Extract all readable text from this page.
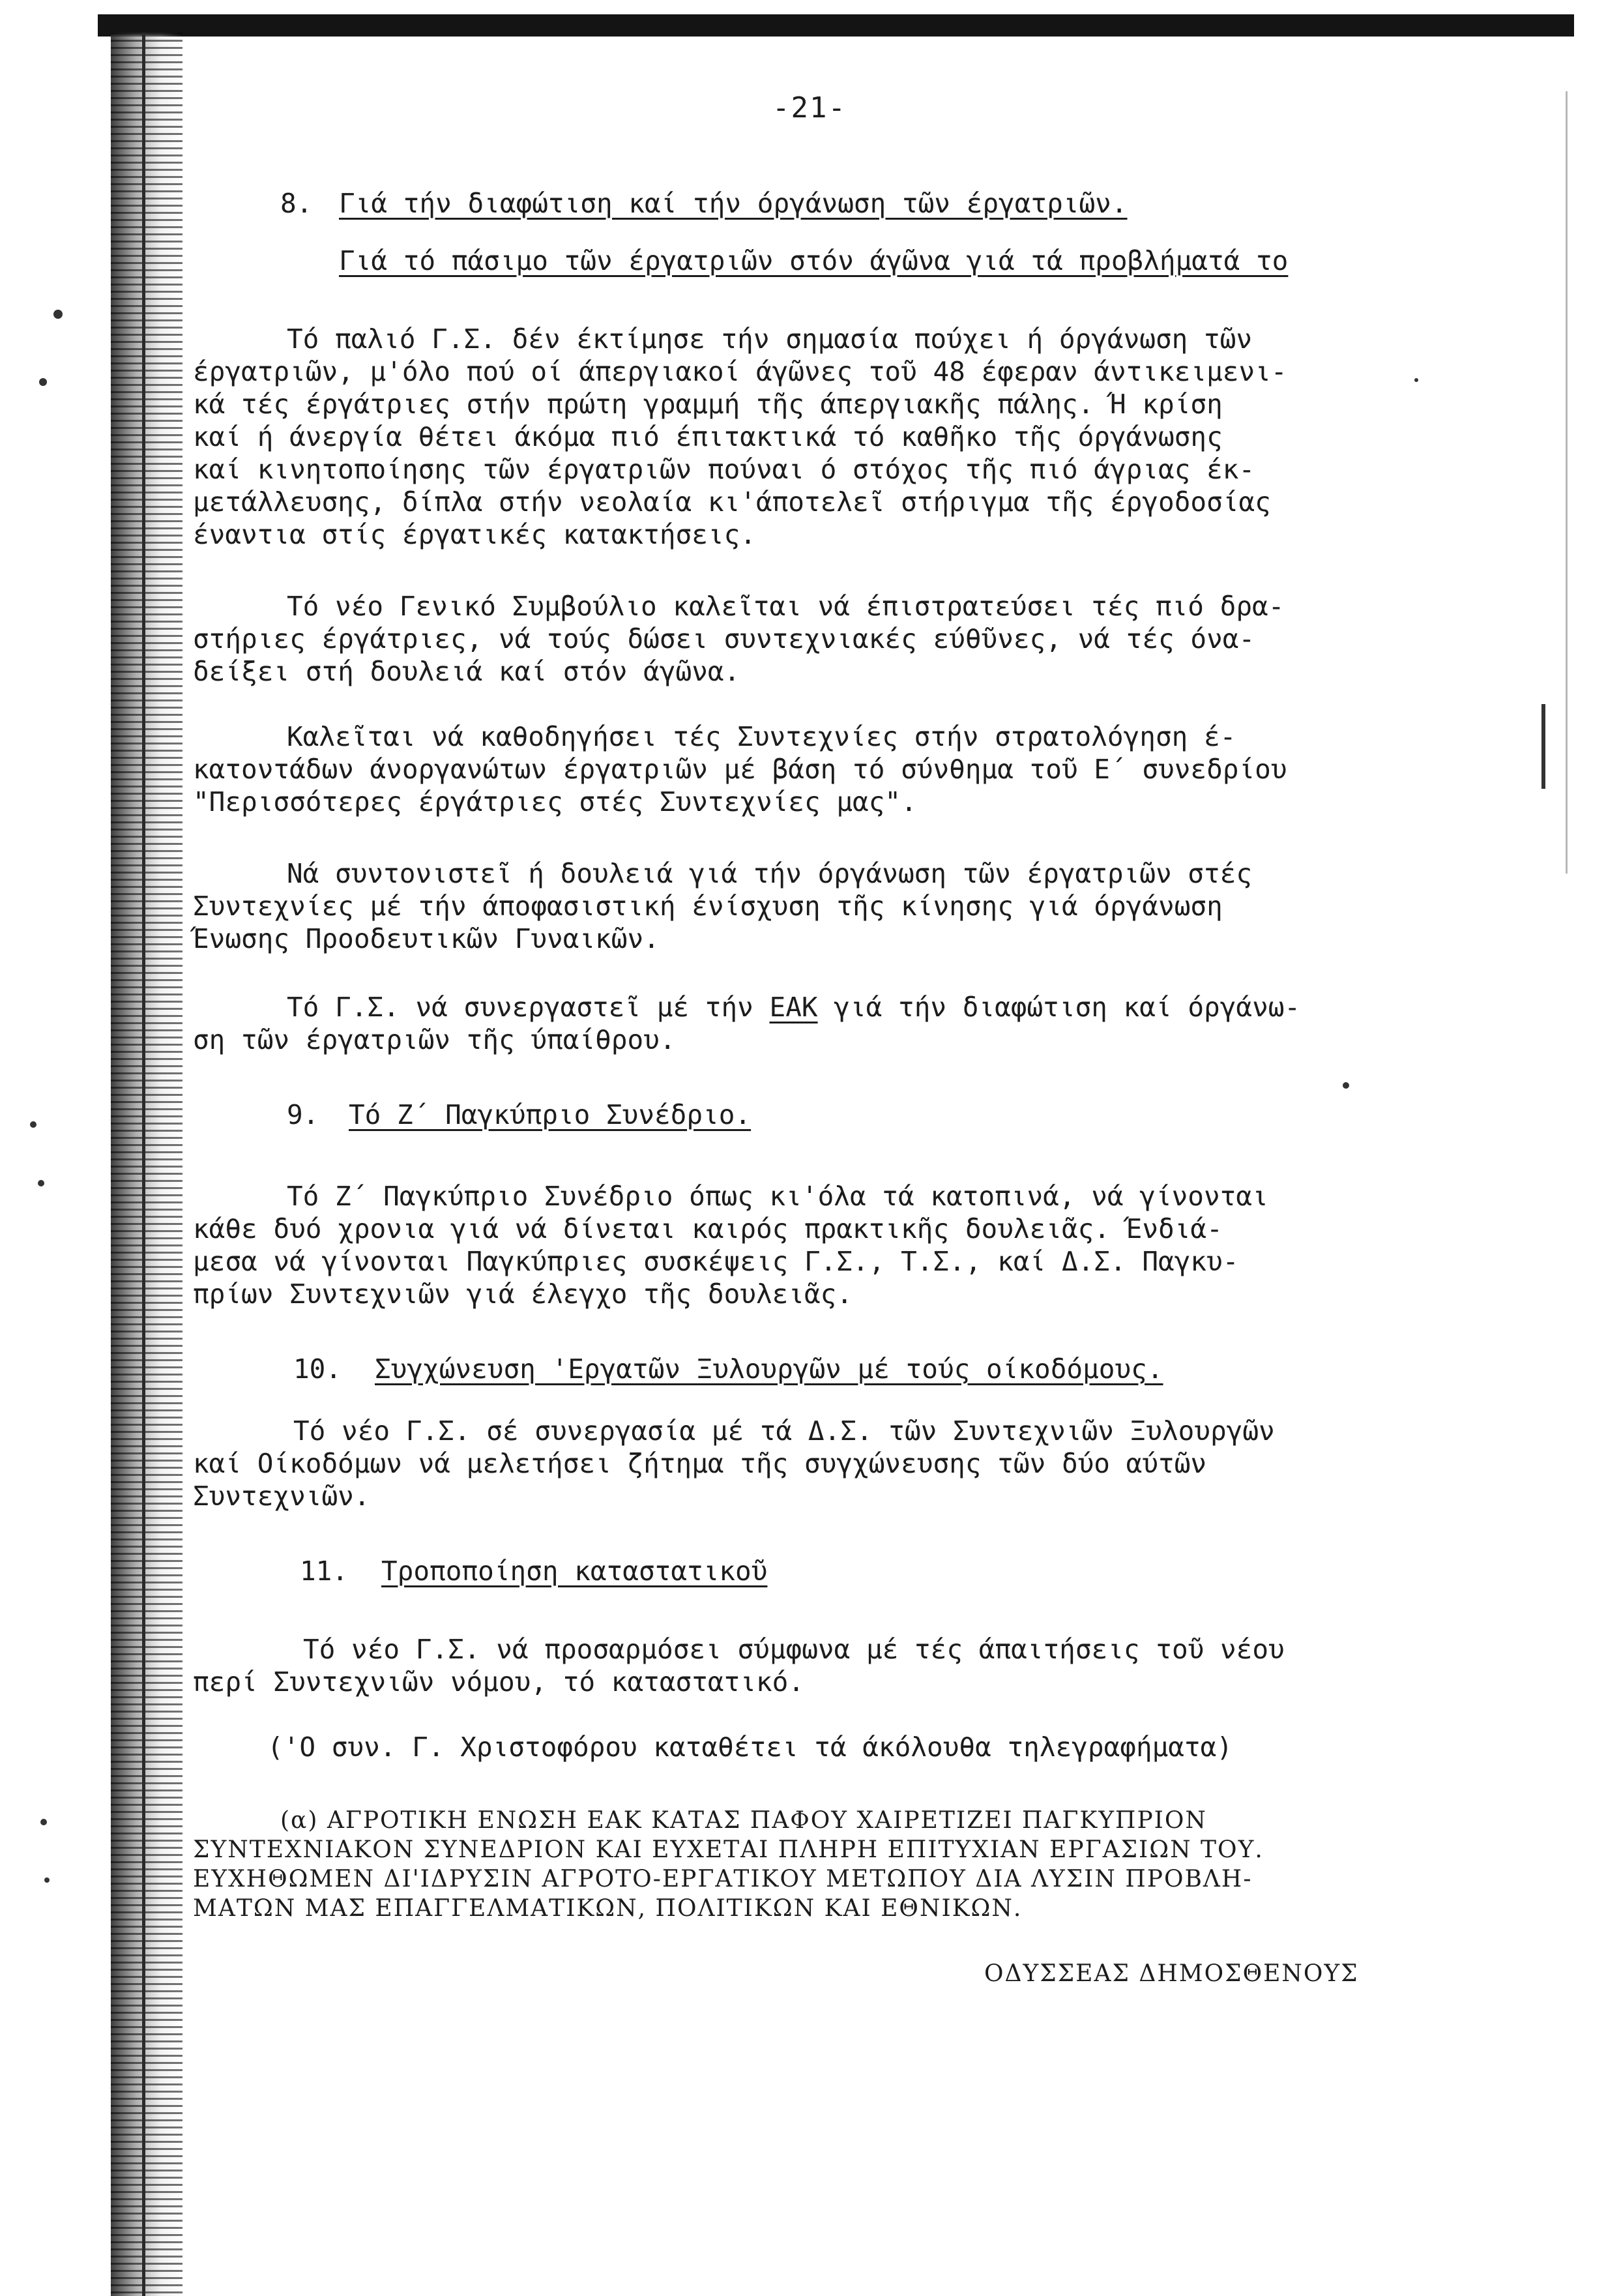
-21-
8. Γιά τήν διαφώτιση καί τήν όργάνωση τῶν έργατριῶν.
Γιά τό πάσιμο τῶν έργατριῶν στόν άγῶνα γιά τά προβλήματά το
Τό παλιό Γ.Σ. δέν έκτίμησε τήν σημασία πούχει ή όργάνωση τῶν
έργατριῶν, μ'όλο πού οί άπεργιακοί άγῶνες τοῦ 48 έφεραν άντικειμενι-
κά τές έργάτριες στήν πρώτη γραμμή τῆς άπεργιακῆς πάλης. Ή κρίση
καί ή άνεργία θέτει άκόμα πιό έπιτακτικά τό καθῆκο τῆς όργάνωσης
καί κινητοποίησης τῶν έργατριῶν πούναι ό στόχος τῆς πιό άγριας έκ-
μετάλλευσης, δίπλα στήν νεολαία κι'άποτελεῖ στήριγμα τῆς έργοδοσίας
έναντια στίς έργατικές κατακτήσεις.
Τό νέο Γενικό Συμβούλιο καλεῖται νά έπιστρατεύσει τές πιό δρα-
στήριες έργάτριες, νά τούς δώσει συντεχνιακές εύθῦνες, νά τές όνα-
δείξει στή δουλειά καί στόν άγῶνα.
Καλεῖται νά καθοδηγήσει τές Συντεχνίες στήν στρατολόγηση έ-
κατοντάδων άνοργανώτων έργατριῶν μέ βάση τό σύνθημα τοῦ Ε΄ συνεδρίου
"Περισσότερες έργάτριες στές Συντεχνίες μας".
Νά συντονιστεῖ ή δουλειά γιά τήν όργάνωση τῶν έργατριῶν στές
Συντεχνίες μέ τήν άποφασιστική ένίσχυση τῆς κίνησης γιά όργάνωση
Ένωσης Προοδευτικῶν Γυναικῶν.
Τό Γ.Σ. νά συνεργαστεῖ μέ τήν ΕΑΚ γιά τήν διαφώτιση καί όργάνω-
ση τῶν έργατριῶν τῆς ύπαίθρου.
9. Τό Ζ΄ Παγκύπριο Συνέδριο.
Τό Ζ΄ Παγκύπριο Συνέδριο όπως κι'όλα τά κατοπινά, νά γίνονται
κάθε δυό χρονια γιά νά δίνεται καιρός πρακτικῆς δουλειᾶς. Ένδιά-
μεσα νά γίνονται Παγκύπριες συσκέψεις Γ.Σ., Τ.Σ., καί Δ.Σ. Παγκυ-
πρίων Συντεχνιῶν γιά έλεγχο τῆς δουλειᾶς.
10. Συγχώνευση 'Εργατῶν Ξυλουργῶν μέ τούς οίκοδόμους.
Τό νέο Γ.Σ. σέ συνεργασία μέ τά Δ.Σ. τῶν Συντεχνιῶν Ξυλουργῶν
καί Οίκοδόμων νά μελετήσει ζήτημα τῆς συγχώνευσης τῶν δύο αύτῶν
Συντεχνιῶν.
11. Τροποποίηση καταστατικοῦ
Τό νέο Γ.Σ. νά προσαρμόσει σύμφωνα μέ τές άπαιτήσεις τοῦ νέου
περί Συντεχνιῶν νόμου, τό καταστατικό.
('Ο συν. Γ. Χριστοφόρου καταθέτει τά άκόλουθα τηλεγραφήματα)
(α) ΑΓΡΟΤΙΚΗ ΕΝΩΣΗ ΕΑΚ ΚΑΤΑΣ ΠΑΦΟΥ ΧΑΙΡΕΤΙΖΕΙ ΠΑΓΚΥΠΡΙΟΝ
ΣΥΝΤΕΧΝΙΑΚΟΝ ΣΥΝΕΔΡΙΟΝ ΚΑΙ ΕΥΧΕΤΑΙ ΠΛΗΡΗ ΕΠΙΤΥΧΙΑΝ ΕΡΓΑΣΙΩΝ ΤΟΥ.
ΕΥΧΗΘΩΜΕΝ ΔΙ'ΙΔΡΥΣΙΝ ΑΓΡΟΤΟ-ΕΡΓΑΤΙΚΟΥ ΜΕΤΩΠΟΥ ΔΙΑ ΛΥΣΙΝ ΠΡΟΒΛΗ-
ΜΑΤΩΝ ΜΑΣ ΕΠΑΓΓΕΛΜΑΤΙΚΩΝ, ΠΟΛΙΤΙΚΩΝ ΚΑΙ ΕΘΝΙΚΩΝ.
ΟΔΥΣΣΕΑΣ ΔΗΜΟΣΘΕΝΟΥΣ
